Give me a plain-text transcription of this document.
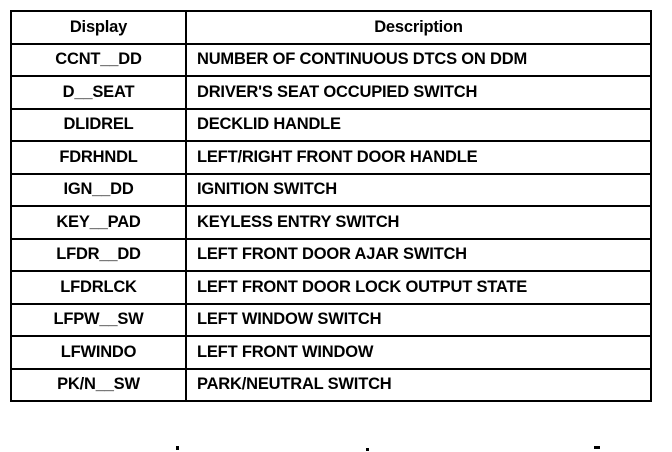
Display	Description
CCNT__DD	NUMBER OF CONTINUOUS DTCS ON DDM
D__SEAT	DRIVER'S SEAT OCCUPIED SWITCH
DLIDREL	DECKLID HANDLE
FDRHNDL	LEFT/RIGHT FRONT DOOR HANDLE
IGN__DD	IGNITION SWITCH
KEY__PAD	KEYLESS ENTRY SWITCH
LFDR__DD	LEFT FRONT DOOR AJAR SWITCH
LFDRLCK	LEFT FRONT DOOR LOCK OUTPUT STATE
LFPW__SW	LEFT WINDOW SWITCH
LFWINDO	LEFT FRONT WINDOW
PK/N__SW	PARK/NEUTRAL SWITCH
